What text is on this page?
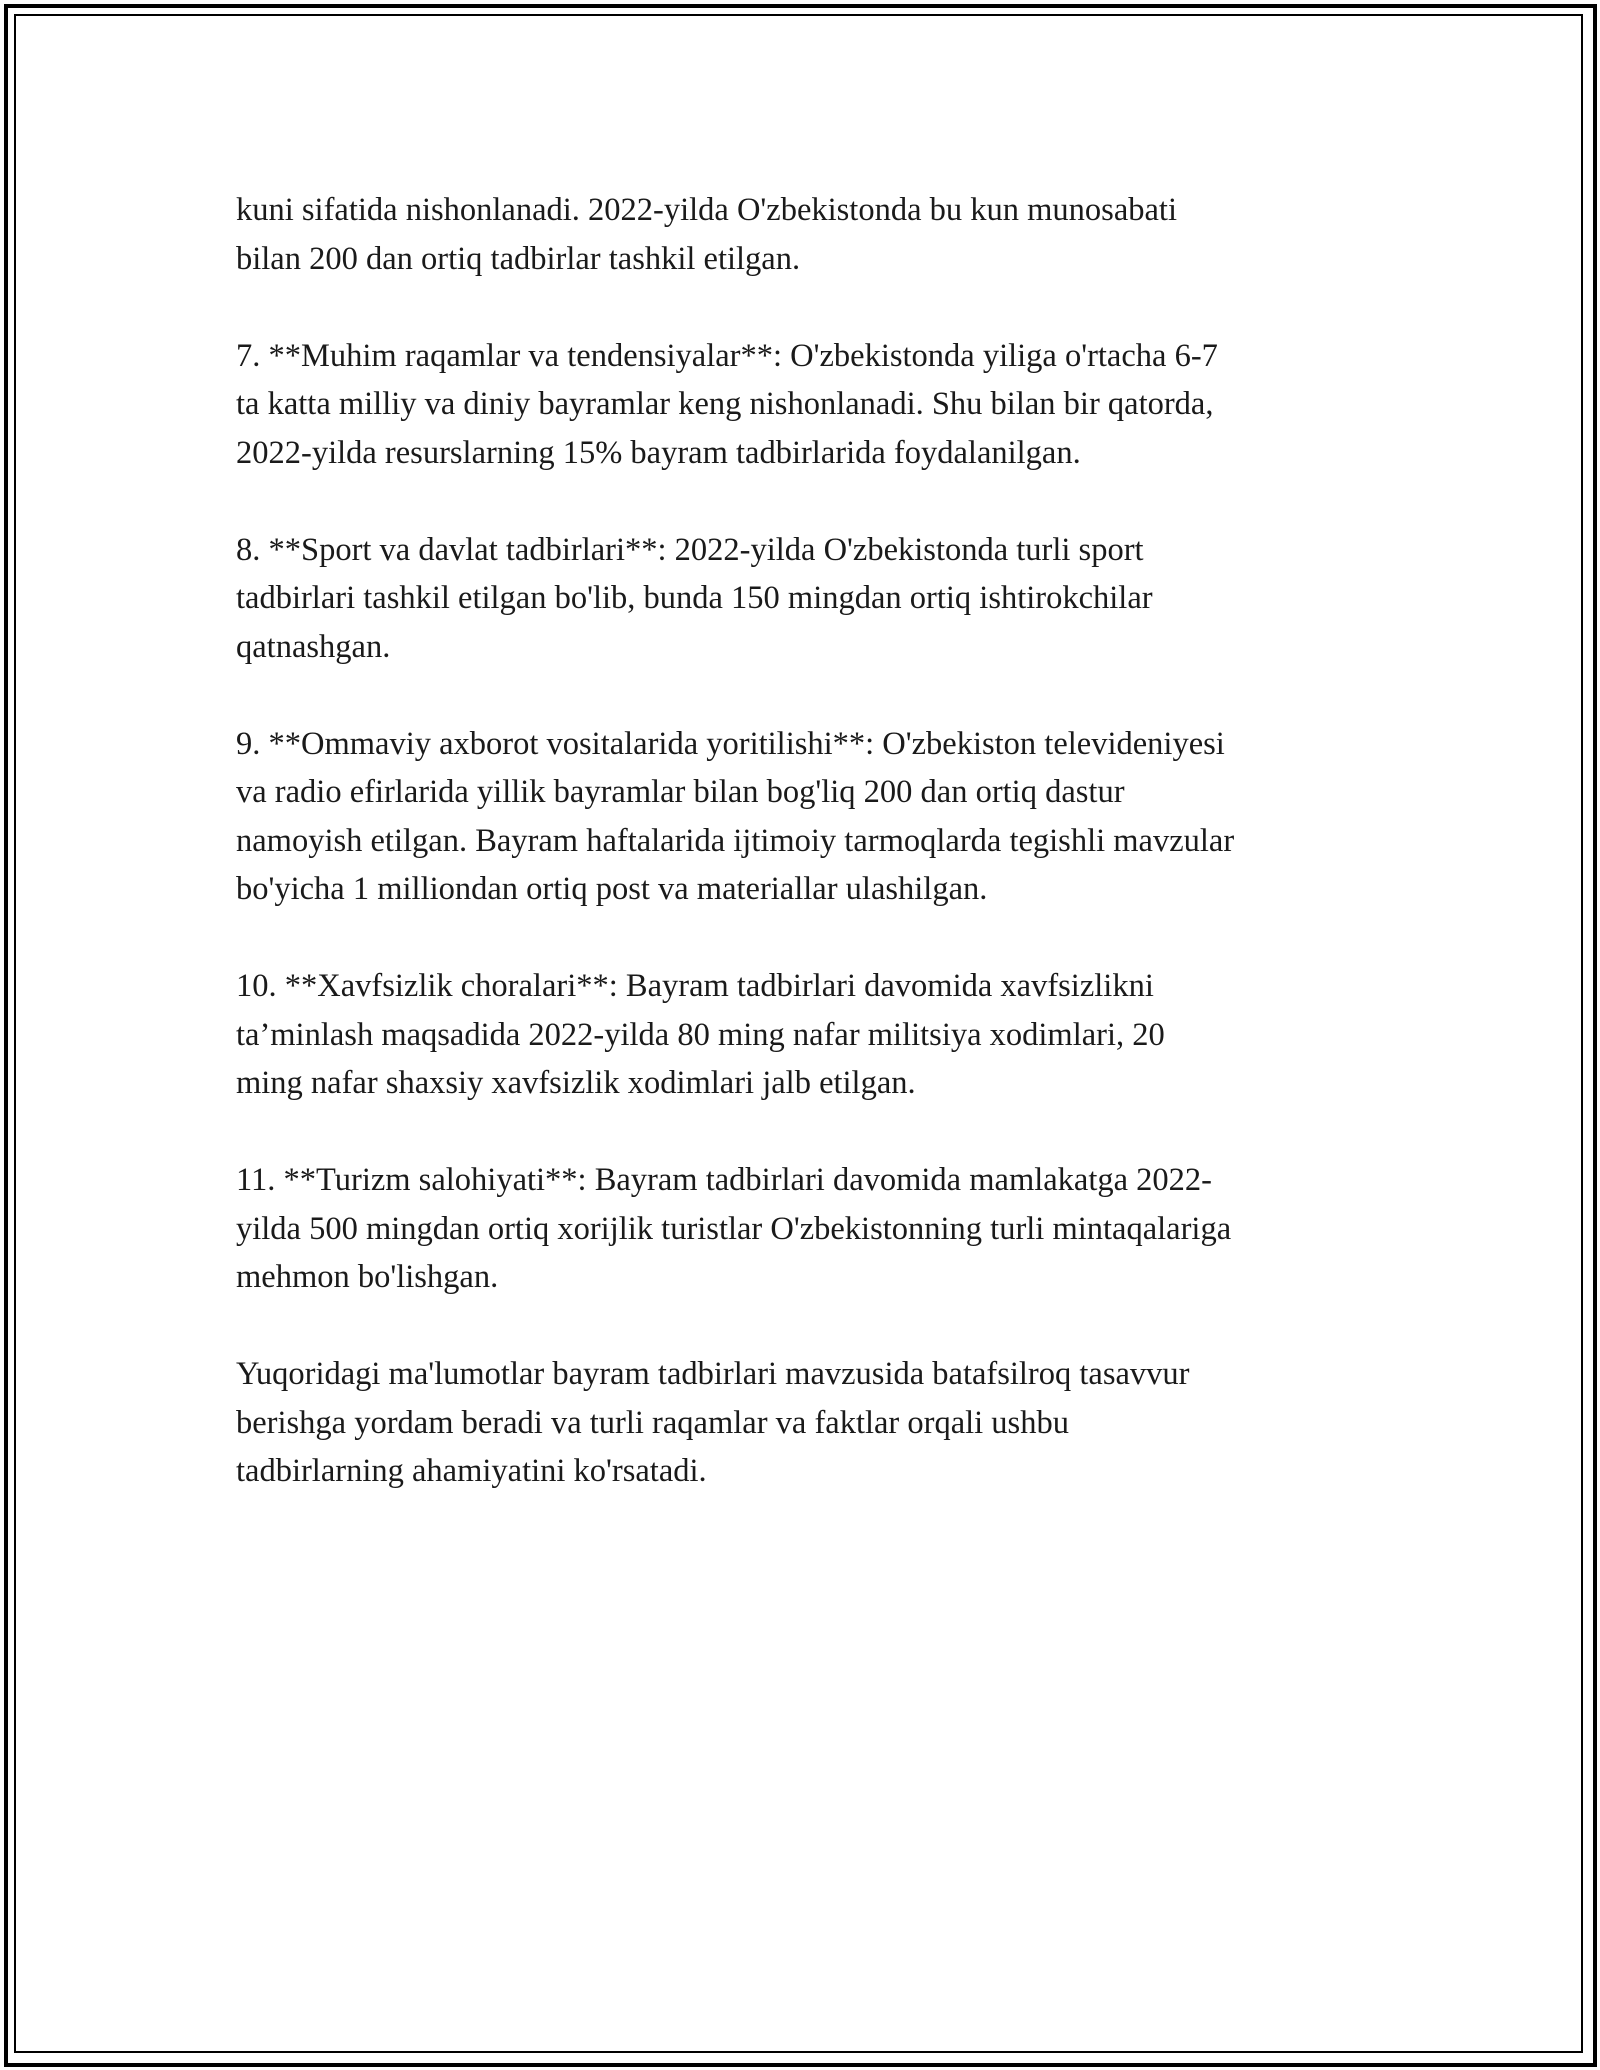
kuni sifatida nishonlanadi. 2022-yilda O'zbekistonda bu kun munosabati
bilan 200 dan ortiq tadbirlar tashkil etilgan.

7. **Muhim raqamlar va tendensiyalar**: O'zbekistonda yiliga o'rtacha 6-7
ta katta milliy va diniy bayramlar keng nishonlanadi. Shu bilan bir qatorda,
2022-yilda resurslarning 15% bayram tadbirlarida foydalanilgan.

8. **Sport va davlat tadbirlari**: 2022-yilda O'zbekistonda turli sport
tadbirlari tashkil etilgan bo'lib, bunda 150 mingdan ortiq ishtirokchilar
qatnashgan.

9. **Ommaviy axborot vositalarida yoritilishi**: O'zbekiston televideniyesi
va radio efirlarida yillik bayramlar bilan bog'liq 200 dan ortiq dastur
namoyish etilgan. Bayram haftalarida ijtimoiy tarmoqlarda tegishli mavzular
bo'yicha 1 milliondan ortiq post va materiallar ulashilgan.

10. **Xavfsizlik choralari**: Bayram tadbirlari davomida xavfsizlikni
ta’minlash maqsadida 2022-yilda 80 ming nafar militsiya xodimlari, 20
ming nafar shaxsiy xavfsizlik xodimlari jalb etilgan.

11. **Turizm salohiyati**: Bayram tadbirlari davomida mamlakatga 2022-
yilda 500 mingdan ortiq xorijlik turistlar O'zbekistonning turli mintaqalariga
mehmon bo'lishgan.

Yuqoridagi ma'lumotlar bayram tadbirlari mavzusida batafsilroq tasavvur
berishga yordam beradi va turli raqamlar va faktlar orqali ushbu
tadbirlarning ahamiyatini ko'rsatadi.
